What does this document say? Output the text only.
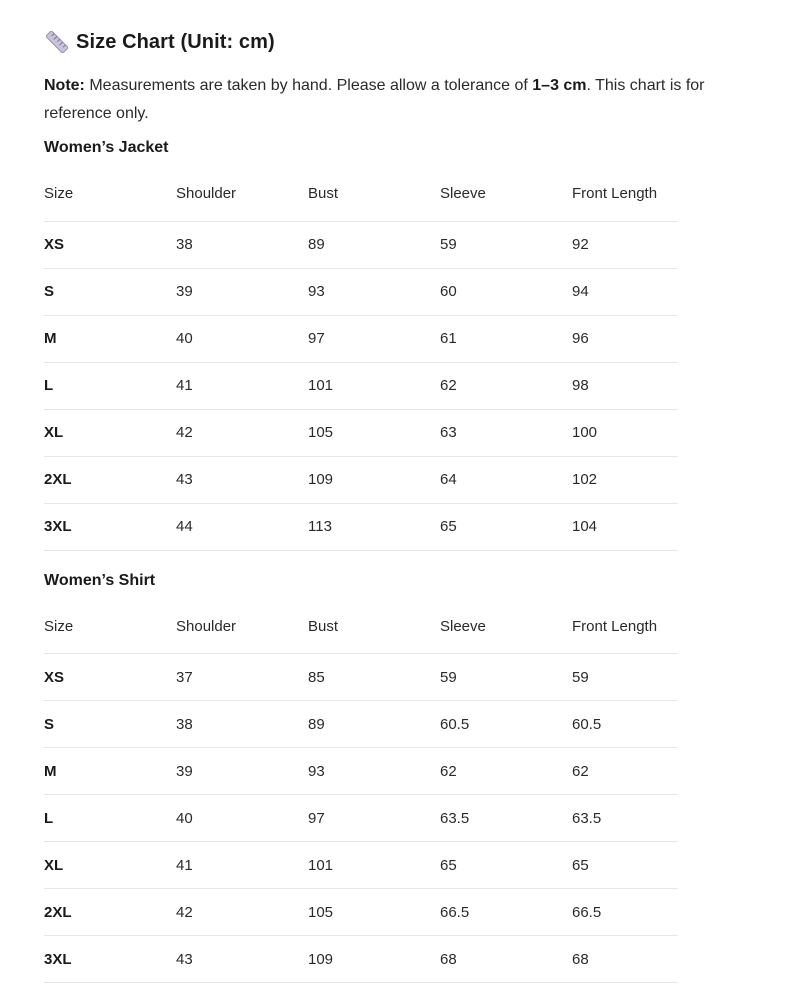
Size Chart (Unit: cm)
Note: Measurements are taken by hand. Please allow a tolerance of 1–3 cm. This chart is for reference only.
Women’s Jacket
Size	Shoulder	Bust	Sleeve	Front Length
XS	38	89	59	92
S	39	93	60	94
M	40	97	61	96
L	41	101	62	98
XL	42	105	63	100
2XL	43	109	64	102
3XL	44	113	65	104
Women’s Shirt
Size	Shoulder	Bust	Sleeve	Front Length
XS	37	85	59	59
S	38	89	60.5	60.5
M	39	93	62	62
L	40	97	63.5	63.5
XL	41	101	65	65
2XL	42	105	66.5	66.5
3XL	43	109	68	68
